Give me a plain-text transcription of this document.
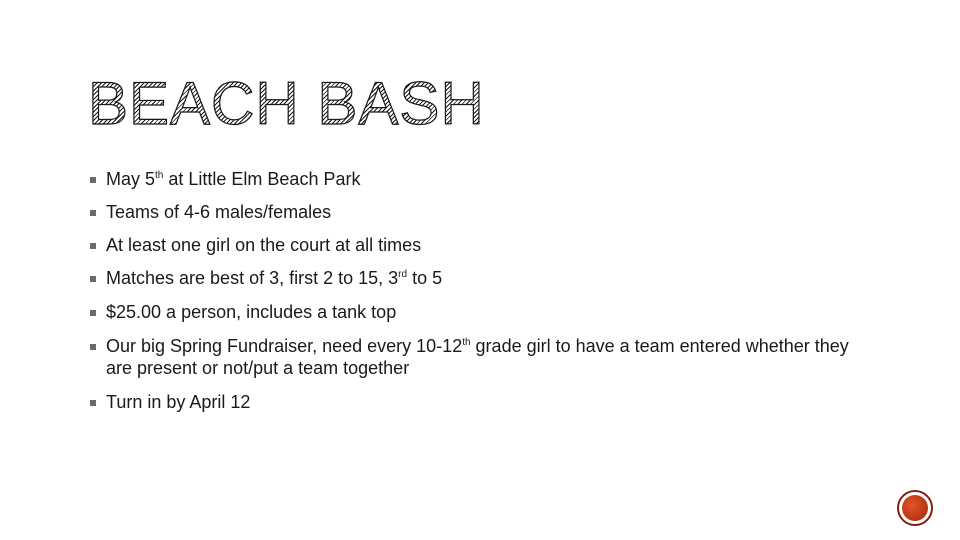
BEACH BASH
May 5th at Little Elm Beach Park
Teams of 4-6 males/females
At least one girl on the court at all times
Matches are best of 3, first 2 to 15, 3rd to 5
$25.00 a person, includes a tank top
Our big Spring Fundraiser, need every 10-12th grade girl to have a team entered whether they are present or not/put a team together
Turn in by April 12
